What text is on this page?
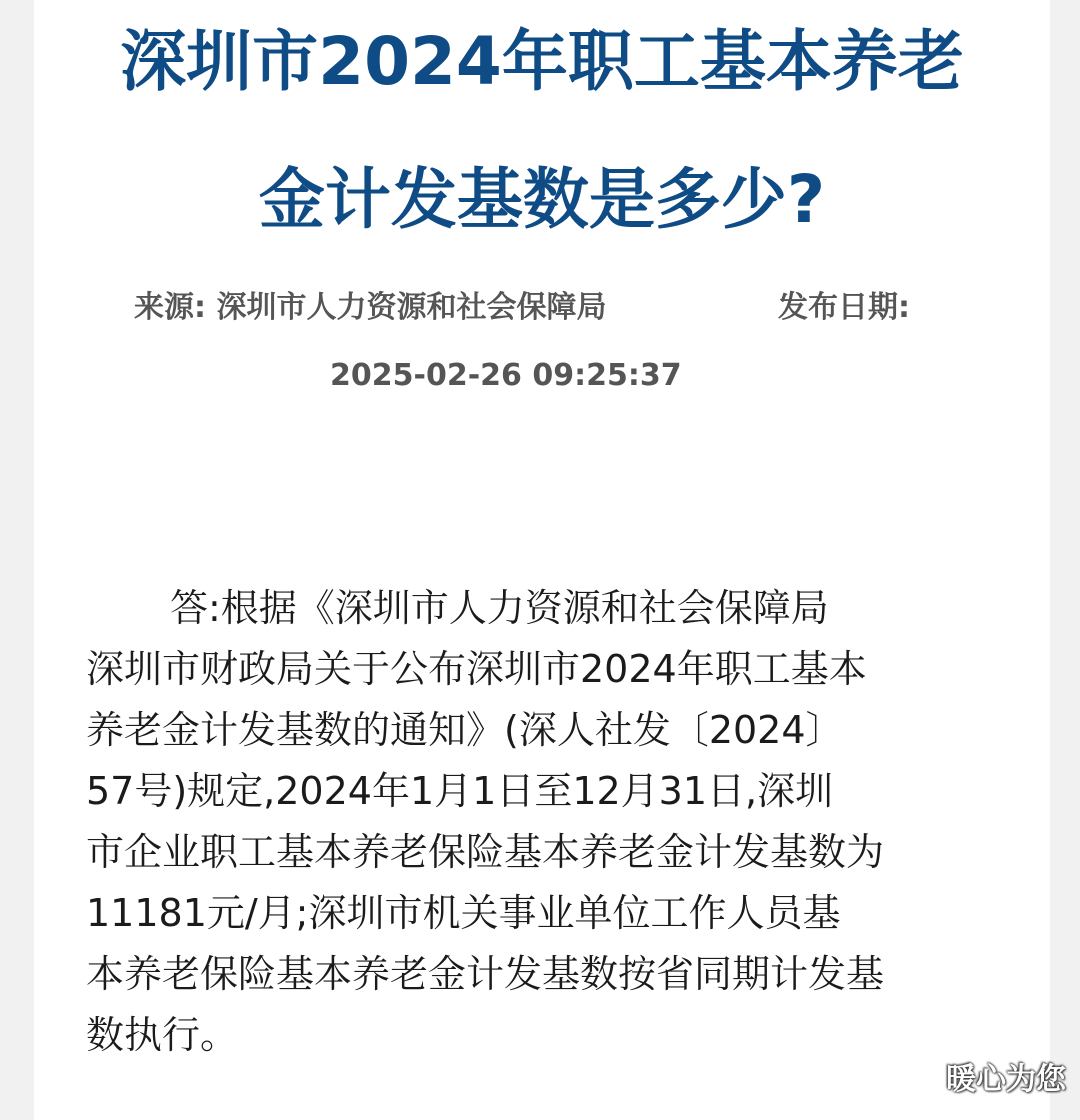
深圳市2024年职工基本养老
金计发基数是多少?
来源: 深圳市人力资源和社会保障局	发布日期:
2025-02-26 09:25:37
答:根据《深圳市人力资源和社会保障局
深圳市财政局关于公布深圳市2024年职工基本
养老金计发基数的通知》(深人社发〔2024〕
57号)规定,2024年1月1日至12月31日,深圳
市企业职工基本养老保险基本养老金计发基数为
11181元/月;深圳市机关事业单位工作人员基
本养老保险基本养老金计发基数按省同期计发基
数执行。
暖心为您
